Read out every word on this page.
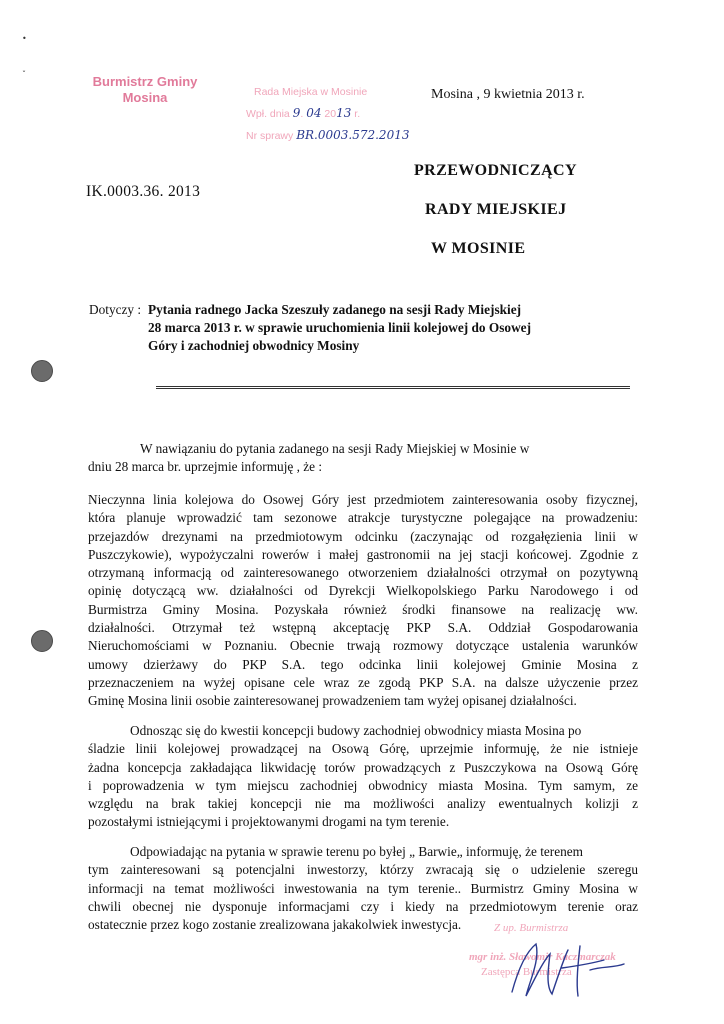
•
ˇ	Burmistrz Gminy
Mosina	Rada Miejska w Mosinie
Wpł. dnia 9. 04 2013 r.
Nr sprawy BR.0003.572.2013
Mosina , 9 kwietnia 2013 r.
IK.0003.36. 2013
PRZEWODNICZĄCY
RADY MIEJSKIEJ
W MOSINIE
Dotyczy : Pytania radnego Jacka Szeszuły zadanego na sesji Rady Miejskiej
28 marca 2013 r. w sprawie uruchomienia linii kolejowej do Osowej
Góry i zachodniej obwodnicy Mosiny
W nawiązaniu do pytania zadanego na sesji Rady Miejskiej w Mosinie w
dniu 28 marca br. uprzejmie informuję , że :
Nieczynna linia kolejowa do Osowej Góry jest przedmiotem zainteresowania osoby fizycznej,
która planuje wprowadzić tam sezonowe atrakcje turystyczne polegające na prowadzeniu:
przejazdów drezynami na przedmiotowym odcinku (zaczynając od rozgałęzienia linii w
Puszczykowie), wypożyczalni rowerów i małej gastronomii na jej stacji końcowej. Zgodnie z
otrzymaną informacją od zainteresowanego otworzeniem działalności otrzymał on pozytywną
opinię dotyczącą ww. działalności od Dyrekcji Wielkopolskiego Parku Narodowego i od
Burmistrza Gminy Mosina. Pozyskała również środki finansowe na realizację ww.
działalności. Otrzymał też wstępną akceptację PKP S.A. Oddział Gospodarowania
Nieruchomościami w Poznaniu. Obecnie trwają rozmowy dotyczące ustalenia warunków
umowy dzierżawy do PKP S.A. tego odcinka linii kolejowej Gminie Mosina z
przeznaczeniem na wyżej opisane cele wraz ze zgodą PKP S.A. na dalsze użyczenie przez
Gminę Mosina linii osobie zainteresowanej prowadzeniem tam wyżej opisanej działalności.
Odnosząc się do kwestii koncepcji budowy zachodniej obwodnicy miasta Mosina po
śladzie linii kolejowej prowadzącej na Osową Górę, uprzejmie informuję, że nie istnieje
żadna koncepcja zakładająca likwidację torów prowadzących z Puszczykowa na Osową Górę
i poprowadzenia w tym miejscu zachodniej obwodnicy miasta Mosina. Tym samym, ze
względu na brak takiej koncepcji nie ma możliwości analizy ewentualnych kolizji z
pozostałymi istniejącymi i projektowanymi drogami na tym terenie.
Odpowiadając na pytania w sprawie terenu po byłej „ Barwie„ informuję, że terenem
tym zainteresowani są potencjalni inwestorzy, którzy zwracają się o udzielenie szeregu
informacji na temat możliwości inwestowania na tym terenie.. Burmistrz Gminy Mosina w
chwili obecnej nie dysponuje informacjami czy i kiedy na przedmiotowym terenie oraz
ostatecznie przez kogo zostanie zrealizowana jakakolwiek inwestycja.	Z up. Burmistrza
mgr inż. Sławomir Kaczmarczak
Zastępca Burmistrza
